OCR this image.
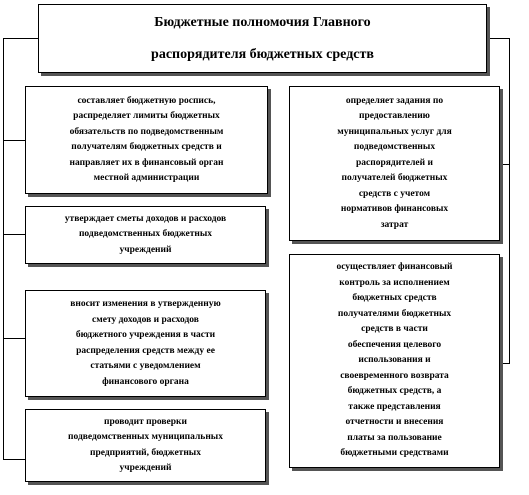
Бюджетные полномочия Главного
распорядителя бюджетных средств
составляет бюджетную роспись,
распределяет лимиты бюджетных
обязательств по подведомственным
получателям бюджетных средств и
направляет их в финансовый орган
местной администрации
утверждает сметы доходов и расходов
подведомственных бюджетных
учреждений
вносит изменения в утвержденную
смету доходов и расходов
бюджетного учреждения в части
распределения средств между ее
статьями с уведомлением
финансового органа
проводит проверки
подведомственных муниципальных
предприятий, бюджетных
учреждений
определяет задания по
предоставлению
муниципальных услуг для
подведомственных
распорядителей и
получателей бюджетных
средств с учетом
нормативов финансовых
затрат
осуществляет финансовый
контроль за исполнением
бюджетных средств
получателями бюджетных
средств в части
обеспечения целевого
использования и
своевременного возврата
бюджетных средств, а
также представления
отчетности и внесения
платы за пользование
бюджетными средствами
